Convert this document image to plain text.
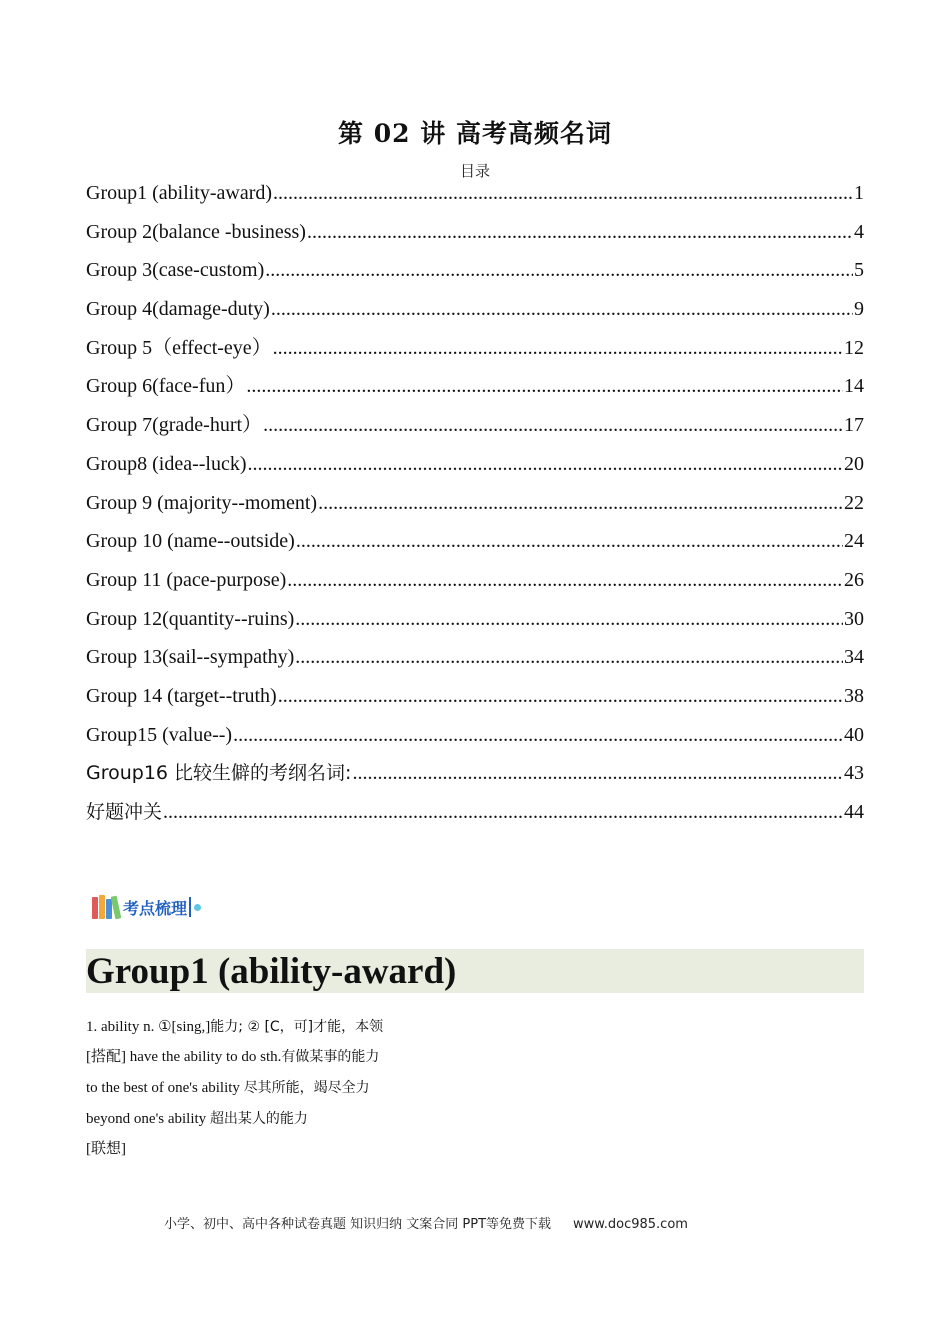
第 02 讲 高考高频名词
目录
Group1 (ability-award) .....	1
Group 2(balance -business) .....	4
Group 3(case-custom) .....	5
Group 4(damage-duty) .....	9
Group 5（effect-eye） .....	12
Group 6(face-fun） .....	14
Group 7(grade-hurt） .....	17
Group8 (idea--luck) .....	20
Group 9 (majority--moment) .....	22
Group 10 (name--outside) .....	24
Group 11 (pace-purpose) .....	26
Group 12(quantity--ruins) .....	30
Group 13(sail--sympathy) .....	34
Group 14 (target--truth) .....	38
Group15 (value--) .....	40
Group16 比较生僻的考纲名词: .....	43
好题冲关 .....	44
考点梳理
Group1 (ability-award)
1. ability n. ①[sing,]能力; ② [C，可]才能，本领
[搭配] have the ability to do sth.有做某事的能力
to the best of one's ability 尽其所能，竭尽全力
beyond one's ability 超出某人的能力
[联想]
小学、初中、高中各种试卷真题 知识归纳 文案合同 PPT等免费下载 www.doc985.com
